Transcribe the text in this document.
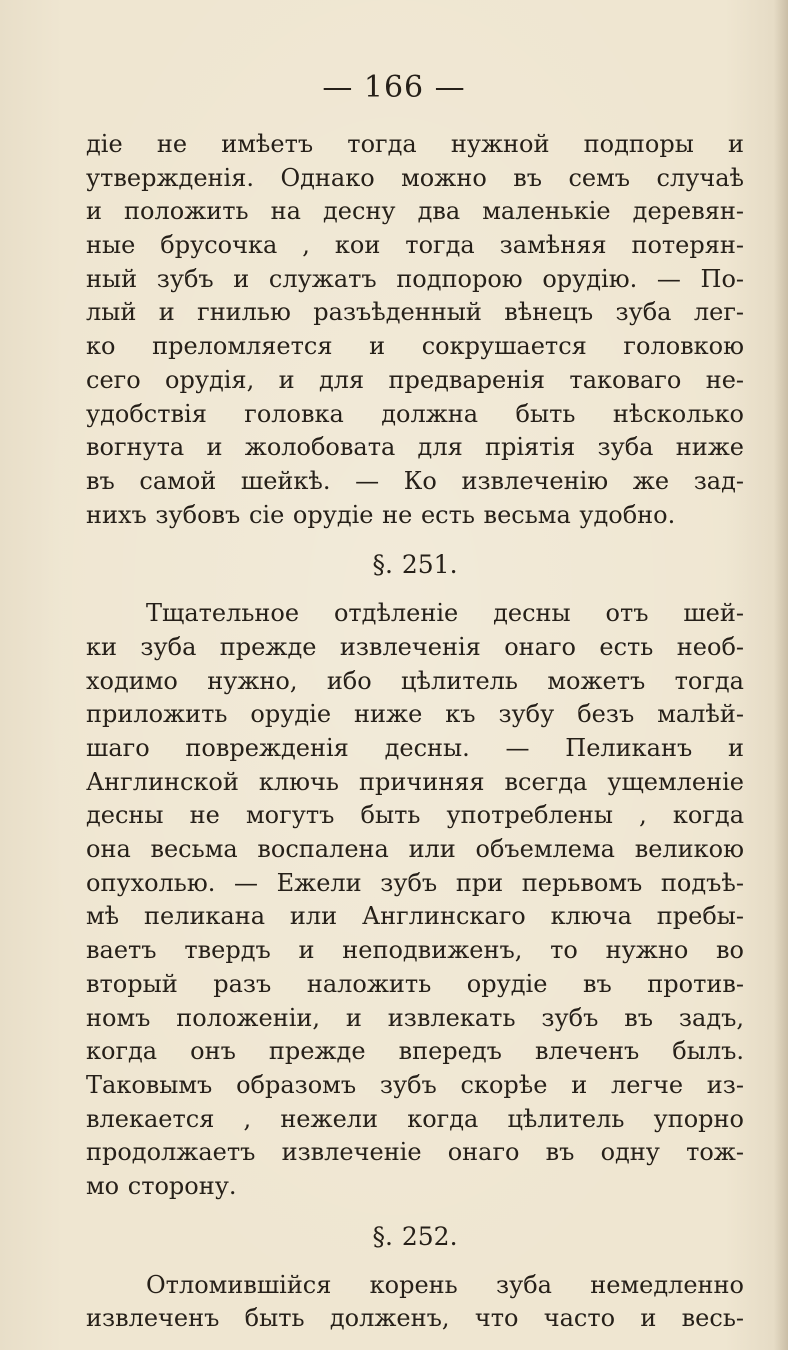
— 166 —
діе не имѣетъ тогда нужной подпоры и
утвержденія. Однако можно въ семъ случаѣ
и положить на десну два маленькіе деревян-
ные брусочка , кои тогда замѣняя потерян-
ный зубъ и служатъ подпорою орудію. — По-
лый и гнилью разъѣденный вѣнецъ зуба лег-
ко преломляется и сокрушается головкою
сего орудія, и для предваренія таковаго не-
удобствія головка должна быть нѣсколько
вогнута и жолобовата для пріятія зуба ниже
въ самой шейкѣ. — Ко извлеченію же зад-
нихъ зубовъ сіе орудіе не есть весьма удобно.
§. 251.
Тщательное отдѣленіе десны отъ шей-
ки зуба прежде извлеченія онаго есть необ-
ходимо нужно, ибо цѣлитель можетъ тогда
приложить орудіе ниже къ зубу безъ малѣй-
шаго поврежденія десны. — Пеликанъ и
Англинской ключь причиняя всегда ущемленіе
десны не могутъ быть употреблены , когда
она весьма воспалена или объемлема великою
опухолью. — Ежели зубъ при перьвомъ подъѣ-
мѣ пеликана или Англинскаго ключа пребы-
ваетъ твердъ и неподвиженъ, то нужно во
вторый разъ наложить орудіе въ против-
номъ положеніи, и извлекать зубъ въ задъ,
когда онъ прежде впередъ влеченъ былъ.
Таковымъ образомъ зубъ скорѣе и легче из-
влекается , нежели когда цѣлитель упорно
продолжаетъ извлеченіе онаго въ одну тож-
мо сторону.
§. 252.
Отломившійся корень зуба немедленно
извлеченъ быть долженъ, что часто и весь-
